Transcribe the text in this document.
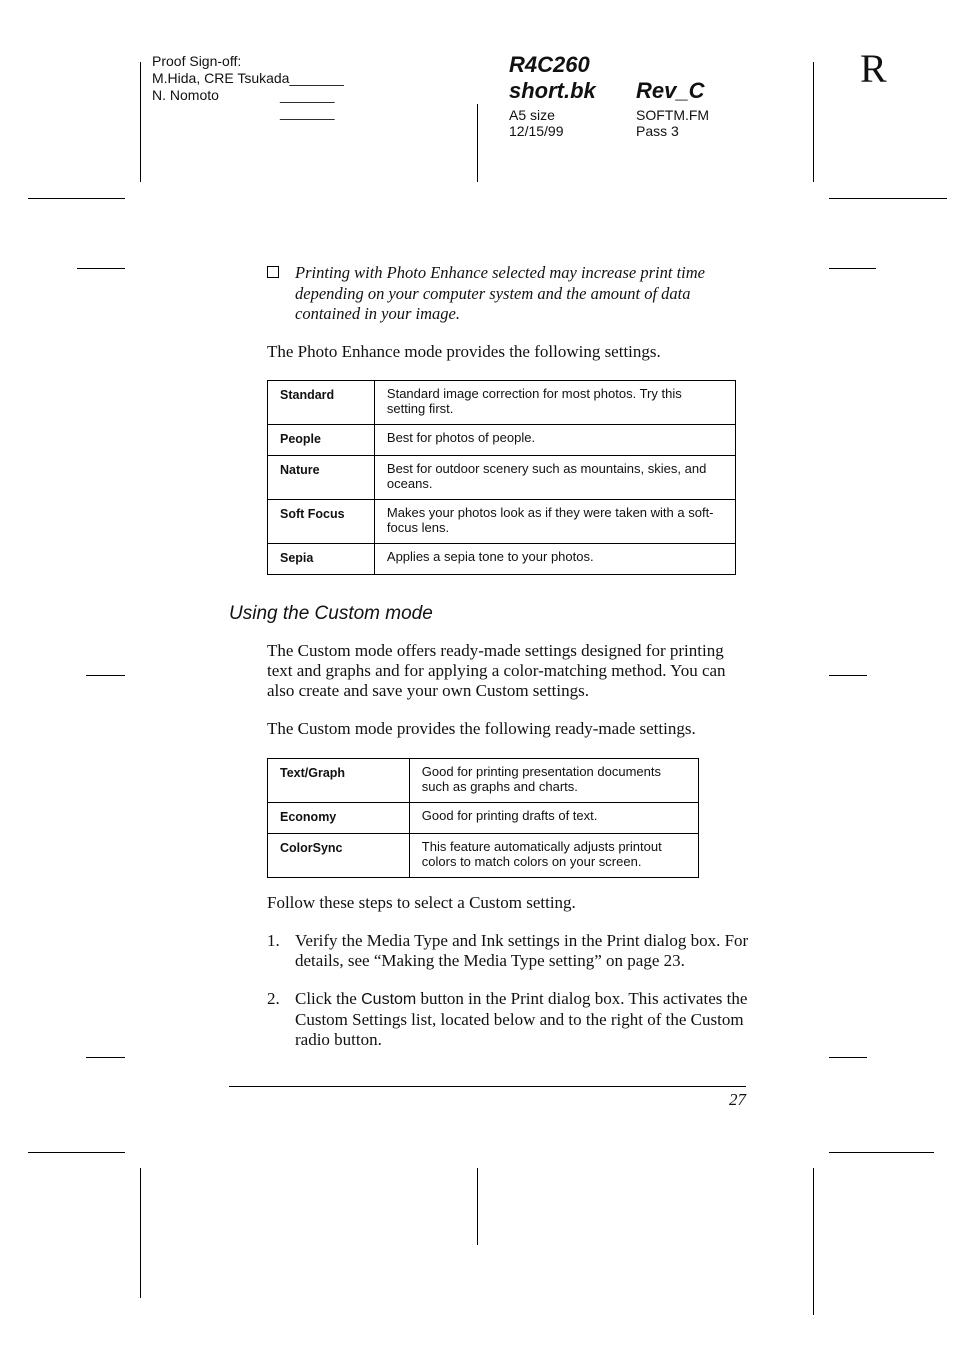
Proof Sign-off:
M.Hida, CRE Tsukada_______
N. Nomoto	_______
_______
R4C260
short.bk Rev_C
A5 size
12/15/99
SOFTM.FM
Pass 3
R
Printing with Photo Enhance selected may increase print time depending on your computer system and the amount of data contained in your image.
The Photo Enhance mode provides the following settings.
Standard	Standard image correction for most photos. Try this setting first.
People	Best for photos of people.
Nature	Best for outdoor scenery such as mountains, skies, and oceans.
Soft Focus	Makes your photos look as if they were taken with a soft-focus lens.
Sepia	Applies a sepia tone to your photos.
Using the Custom mode
The Custom mode offers ready-made settings designed for printing text and graphs and for applying a color-matching method. You can also create and save your own Custom settings.
The Custom mode provides the following ready-made settings.
Text/Graph	Good for printing presentation documents such as graphs and charts.
Economy	Good for printing drafts of text.
ColorSync	This feature automatically adjusts printout colors to match colors on your screen.
Follow these steps to select a Custom setting.
1. Verify the Media Type and Ink settings in the Print dialog box. For details, see “Making the Media Type setting” on page 23.
2. Click the Custom button in the Print dialog box. This activates the Custom Settings list, located below and to the right of the Custom radio button.
27
